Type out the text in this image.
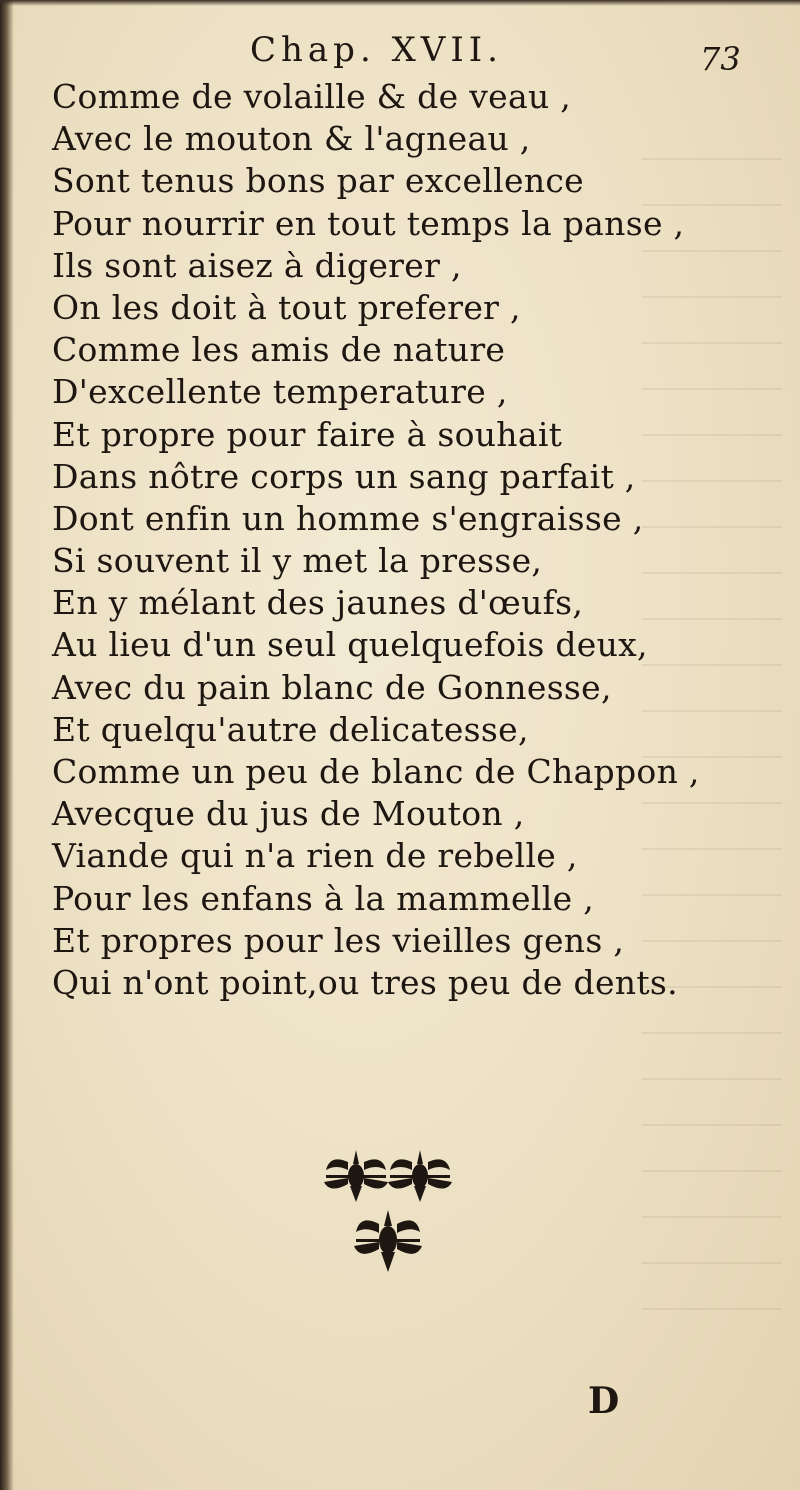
Chap. XVII.	73
Comme de volaille & de veau ,
Avec le mouton & l'agneau ,
Sont tenus bons par excellence
Pour nourrir en tout temps la panse ,
Ils sont aisez à digerer ,
On les doit à tout preferer ,
Comme les amis de nature
D'excellente temperature ,
Et propre pour faire à souhait
Dans nôtre corps un sang parfait ,
Dont enfin un homme s'engraisse ,
Si souvent il y met la presse,
En y mélant des jaunes d'œufs,
Au lieu d'un seul quelquefois deux,
Avec du pain blanc de Gonnesse,
Et quelqu'autre delicatesse,
Comme un peu de blanc de Chappon ,
Avecque du jus de Mouton ,
Viande qui n'a rien de rebelle ,
Pour les enfans à la mammelle ,
Et propres pour les vieilles gens ,
Qui n'ont point,ou tres peu de dents.
D
